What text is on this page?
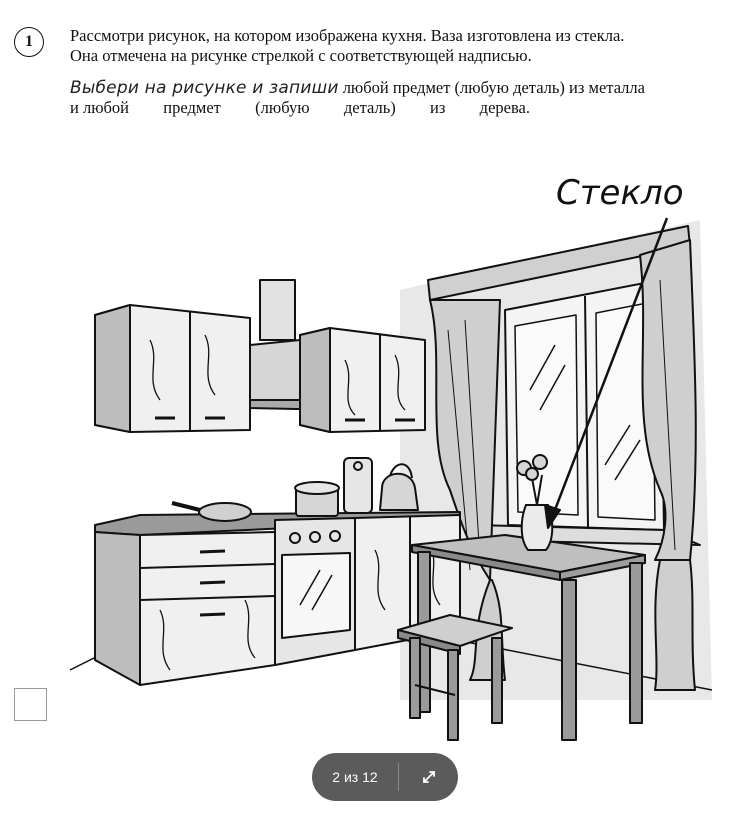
1 Рассмотри рисунок, на котором изображена кухня. Ваза изготовлена из стекла.
Она отмечена на рисунке стрелкой с соответствующей надписью.
Выбери на рисунке и запиши любой предмет (любую деталь) из металла
и любой предмет (любую деталь) из дерева.
Стекло
2 из 12
